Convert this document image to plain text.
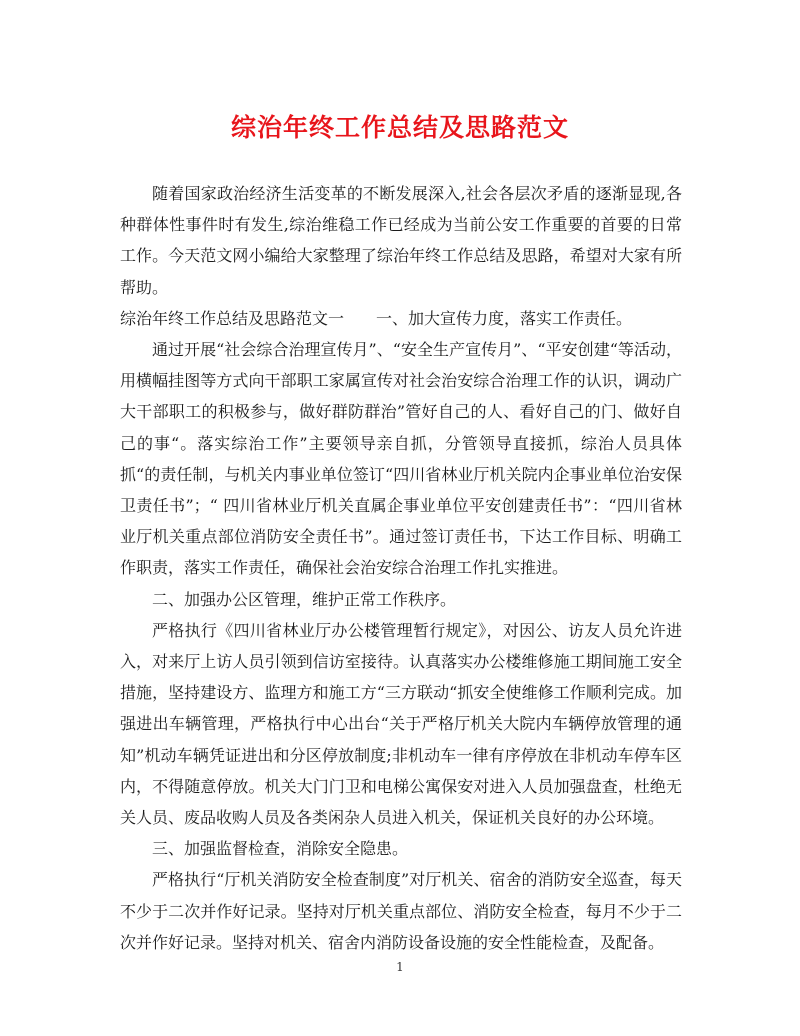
综治年终工作总结及思路范文

随着国家政治经济生活变革的不断发展深入,社会各层次矛盾的逐渐显现,各种群体性事件时有发生,综治维稳工作已经成为当前公安工作重要的首要的日常工作。今天范文网小编给大家整理了综治年终工作总结及思路，希望对大家有所帮助。

综治年终工作总结及思路范文一　　一、加大宣传力度，落实工作责任。

通过开展“社会综合治理宣传月”、“安全生产宣传月”、“平安创建“等活动，用横幅挂图等方式向干部职工家属宣传对社会治安综合治理工作的认识，调动广大干部职工的积极参与，做好群防群治”管好自己的人、看好自己的门、做好自己的事“。落实综治工作”主要领导亲自抓，分管领导直接抓，综治人员具体抓“的责任制，与机关内事业单位签订“四川省林业厅机关院内企事业单位治安保卫责任书”；“ 四川省林业厅机关直属企事业单位平安创建责任书”：“四川省林业厅机关重点部位消防安全责任书”。通过签订责任书，下达工作目标、明确工作职责，落实工作责任，确保社会治安综合治理工作扎实推进。

二、加强办公区管理，维护正常工作秩序。

严格执行《四川省林业厅办公楼管理暂行规定》，对因公、访友人员允许进入，对来厅上访人员引领到信访室接待。认真落实办公楼维修施工期间施工安全措施，坚持建设方、监理方和施工方“三方联动“抓安全使维修工作顺利完成。加强进出车辆管理，严格执行中心出台“关于严格厅机关大院内车辆停放管理的通知”机动车辆凭证进出和分区停放制度;非机动车一律有序停放在非机动车停车区内，不得随意停放。机关大门门卫和电梯公寓保安对进入人员加强盘查，杜绝无关人员、废品收购人员及各类闲杂人员进入机关，保证机关良好的办公环境。

三、加强监督检查，消除安全隐患。

严格执行“厅机关消防安全检查制度”对厅机关、宿舍的消防安全巡查，每天不少于二次并作好记录。坚持对厅机关重点部位、消防安全检查，每月不少于二次并作好记录。坚持对机关、宿舍内消防设备设施的安全性能检查，及配备。

1
